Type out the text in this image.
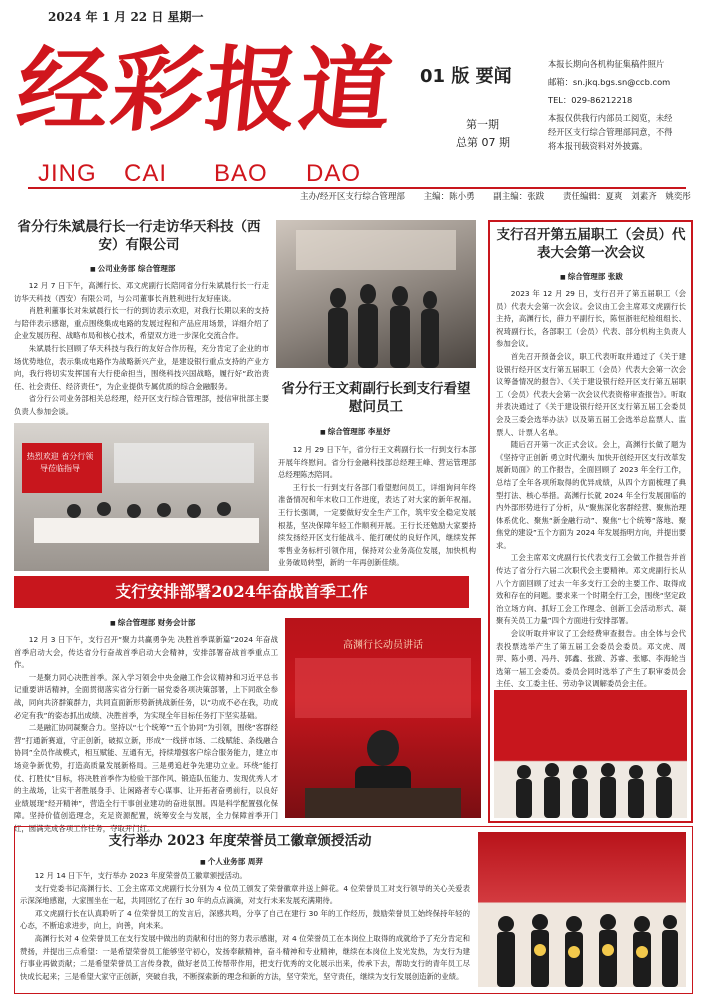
2024 年 1 月 22 日 星期一
经彩报道
JING CAI BAO DAO
01 版 要闻
第一期
总第 07 期
本报长期向各机构征集稿件照片
邮箱：sn.jkq.bgs.sn@ccb.com
TEL：029-86212218
本报仅供我行内部员工阅览，未经
经开区支行综合管理部同意，不得
将本报刊载资料对外披露。
主办/经开区支行综合管理部 主编：陈小勇 副主编：张跋 责任编辑：夏爽 刘素齐 姚奕彤
省分行朱斌晨行长一行走访华天科技（西安）有限公司
■ 公司业务部 综合管理部

12 月 7 日下午，高渊行长、邓文虎副行长陪同省分行朱斌晨行长一行走访华天科技（西安）有限公司，与公司董事长肖胜利进行友好座谈。

肖胜利董事长对朱斌晨行长一行的到访表示欢迎，对我行长期以来的支持与陪伴表示感谢，重点围绕集成电路的发展过程和产品应用场景，详细介绍了企业发展历程、战略布局和核心技术，希望双方进一步深化交流合作。

朱斌晨行长回顾了华天科技与我行的友好合作历程，充分肯定了企业的市场优势地位，表示集成电路作为战略新兴产业，是建设银行重点支持的产业方向，我行将切实发挥国有大行使命担当，围绕科技兴国战略，履行好“政治责任、社会责任、经济责任”，为企业提供专属优质的综合金融服务。

省分行公司业务部相关总经理，经开区支行综合管理部，授信审批部主要负责人参加会谈。

热烈欢迎 省分行领导莅临指导
省分行王文莉副行长到支行看望慰问员工
■ 综合管理部 李星妤

12 月 29 日下午，省分行王文莉副行长一行到支行本部开展年终慰问。省分行金融科技部总经理王峰、营运管理部总经理陈杰陪同。

王行长一行到支行各部门看望慰问员工，详细询问年终准备情况和年末收口工作进度，表达了对大家的新年祝福。王行长强调，一定要做好安全生产工作，筑牢安全稳定发展根基，坚决保障年轻工作顺利开展。王行长还勉励大家要持续发扬经开区支行能战斗、能打硬仗的良好作风，继续发挥零售业务标杆引领作用，保持对公业务高位发展，加快机构业务破局转型，新的一年再创新佳绩。

支行召开第五届职工（会员）代表大会第一次会议
■ 综合管理部 张跋

2023 年 12 月 29 日，支行召开了第五届职工（会员）代表大会第一次会议。会议由工会主席邓文虎副行长主持，高渊行长，薛力平副行长，陈恒浙驻纪检组组长、祝琦副行长，各部职工（会员）代表、部分机构主负责人参加会议。

首先召开预备会议，职工代表听取并通过了《关于建设银行经开区支行第五届职工（会员）代表大会第一次会议筹备情况的报告》、《关于建设银行经开区支行第五届职工（会员）代表大会第一次会议代表资格审查报告》。听取并表决通过了《关于建设银行经开区支行第五届工会委员会及三委会选举办法》以及第五届工会选举总监票人、监票人、计票人名单。

随后召开第一次正式会议。会上，高渊行长做了题为《坚持守正创新 勇立时代潮头 加快开创经开区支行改革发展新局面》的工作报告，全面回顾了 2023 年全行工作，总结了全年各项所取得的优异成绩，从四个方面梳理了典型打法、核心举措。高渊行长就 2024 年全行发展面临的内外部形势进行了分析，从“聚焦深化客群经营、聚焦治理体系优化、聚焦“新金融行动”、聚焦“七个统筹”落地、聚焦党的建设”五个方面为 2024 年发展指明方向，并提出要求。

工会主席邓文虎副行长代表支行工会做工作报告并首传达了省分行六届二次职代会主要精神。邓文虎副行长从八个方面回顾了过去一年多支行工会的主要工作、取得成效和存在的问题。要求来一个时期全行工会，围绕“坚定政治立场方向、抓好工会工作理念、创新工会活动形式、凝聚有关员工力量”四个方面进行安排部署。

会议听取并审议了工会经费审查报告。由全体与会代表投票选举产生了第五届工会委员会委员。邓文虎、周羿、陈小勇、冯丹、郭鑫、张跋、苏睿、张娜、李海轮当选第一届工会委员。委员会同时选举了产生了职审委员会主任、女工委主任、劳动争议调解委员会主任。

支行安排部署2024年奋战首季工作
■ 综合管理部 财务会计部

12 月 3 日下午，支行召开“聚力共赢勇争先 决胜首季谋新篇”2024 年奋战首季启动大会，传达省分行奋战首季启动大会精神，安排部署奋战首季重点工作。

一是聚力同心决胜首季。深入学习领会中央金融工作会议精神和习近平总书记重要讲话精神，全面贯彻落实省分行新一届党委各项决策部署，上下同欲全参战，同向共济群策群力，共同直面新形势新挑战新任务，以“功成不必在我，功成必定有我”的姿态抓出成绩、决胜首季，为实现全年目标任务打下坚实基础。

二是融汇协同凝聚合力。坚持以“七个统筹”“五个协同”为引领，围绕“客群经营”打通新赛道，守正创新，破拟立新，形成“一线拼市场、二线赋能、条线融合协同”全员作战模式，相互赋能、互通有无，持续增强客户综合服务能力，建立市场竞争新优势，打造高质量发展新格局。三是勇追赶争先建功立业。环绕“能打仗、打胜仗”目标，将决胜首季作为检验干部作风、锻造队伍能力、发现优秀人才的主战场，让实干者胜展身手、让闲路者专心谋事、让开拓者奋勇前行，以良好业绩展现“经开精神”，营造全行干事创业建功的奋进氛围。四是科学配置强化保障。坚持价值创造理念，充足资源配置，统筹安全与发展，全力保障首季开门红，圆满完成各项工作任务，夺取开门红。

高渊行长动员讲话
支行举办 2023 年度荣誉员工徽章颁授活动
■ 个人业务部 周羿

12 月 14 日下午，支行举办 2023 年度荣誉员工徽章颁授活动。

支行党委书记高渊行长、工会主席邓文虎副行长分别为 4 位员工颁发了荣誉徽章并送上鲜花。4 位荣誉员工对支行领导的关心关爱表示深深地感谢，大家围坐在一起，共同回忆了在行 30 年的点点滴滴，对支行未来发展充满期待。

邓文虎副行长在认真聆听了 4 位荣誉员工的发言后，深感共鸣，分享了自己在建行 30 年的工作经历，鼓励荣誉员工始终保持年轻的心态，不断追求进步，向上，向善，向未来。

高渊行长对 4 位荣誉员工在支行发展中做出的贡献和付出的努力表示感谢，对 4 位荣誉员工在本岗位上取得的成就给予了充分肯定和赞扬，并提出三点希望：一是希望荣誉员工能够坚守初心，发扬奉献精神，奋斗精神和专业精神，继续在本岗位上发光发热，为支行为建行事业再做贡献；二是希望荣誉员工言传身教，做好老员工传帮带作用，把支行优秀的文化展示出来，传承下去，帮助支行的青年员工尽快成长起来；三是希望大家守正创新，突破自我，不断探索新的理念和新的方法，坚守荣光，坚守责任，继续为支行发展创造新的业绩。
